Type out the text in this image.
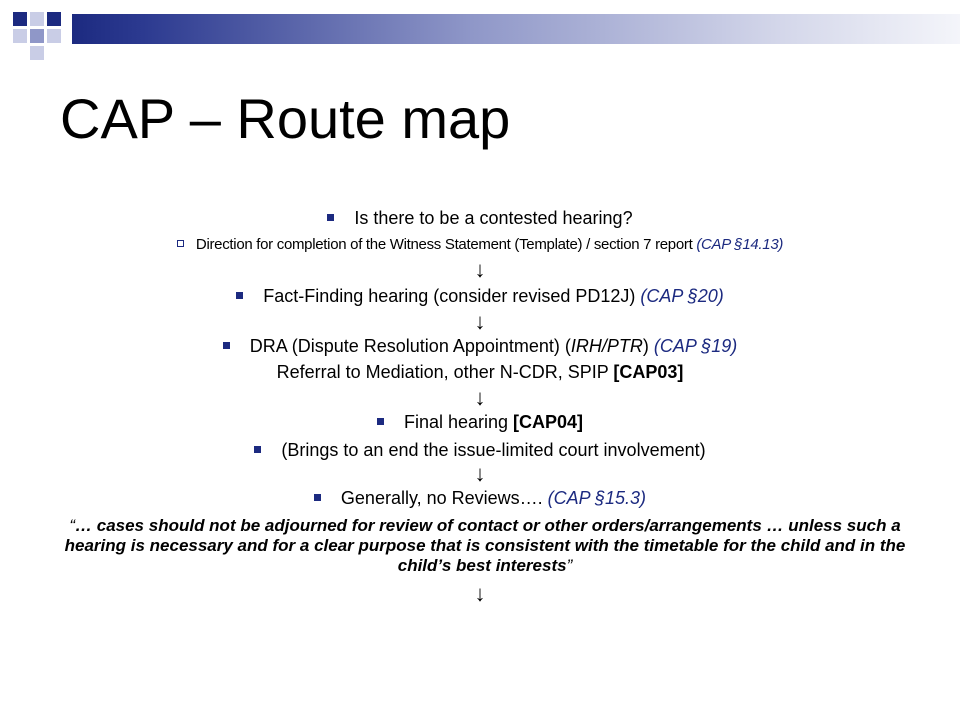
CAP – Route map
Is there to be a contested hearing?
Direction for completion of the Witness Statement (Template) / section 7 report (CAP §14.13)
↓
Fact-Finding hearing (consider revised PD12J) (CAP §20)
↓
DRA (Dispute Resolution Appointment) (IRH/PTR) (CAP §19)
Referral to Mediation, other N-CDR, SPIP [CAP03]
↓
Final hearing [CAP04]
(Brings to an end the issue-limited court involvement)
↓
Generally, no Reviews…. (CAP §15.3)
“… cases should not be adjourned for review of contact or other orders/arrangements … unless such a hearing is necessary and for a clear purpose that is consistent with the timetable for the child and in the child’s best interests”
↓
